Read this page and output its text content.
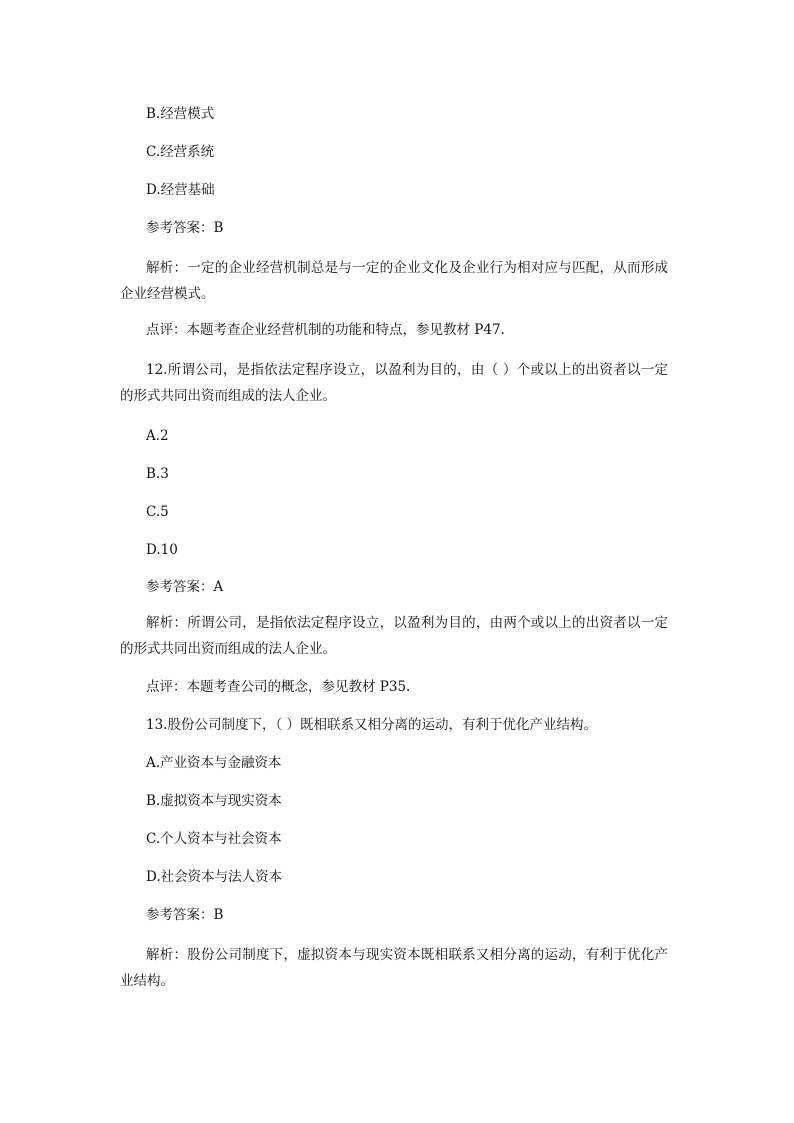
B.经营模式
C.经营系统
D.经营基础
参考答案：B
解析：一定的企业经营机制总是与一定的企业文化及企业行为相对应与匹配，从而形成企业经营模式。
点评：本题考查企业经营机制的功能和特点，参见教材 P47.
12.所谓公司，是指依法定程序设立，以盈利为目的，由（ ）个或以上的出资者以一定的形式共同出资而组成的法人企业。
A.2
B.3
C.5
D.10
参考答案：A
解析：所谓公司，是指依法定程序设立，以盈利为目的，由两个或以上的出资者以一定的形式共同出资而组成的法人企业。
点评：本题考查公司的概念，参见教材 P35.
13.股份公司制度下，（ ）既相联系又相分离的运动，有利于优化产业结构。
A.产业资本与金融资本
B.虚拟资本与现实资本
C.个人资本与社会资本
D.社会资本与法人资本
参考答案：B
解析：股份公司制度下，虚拟资本与现实资本既相联系又相分离的运动，有利于优化产业结构。
